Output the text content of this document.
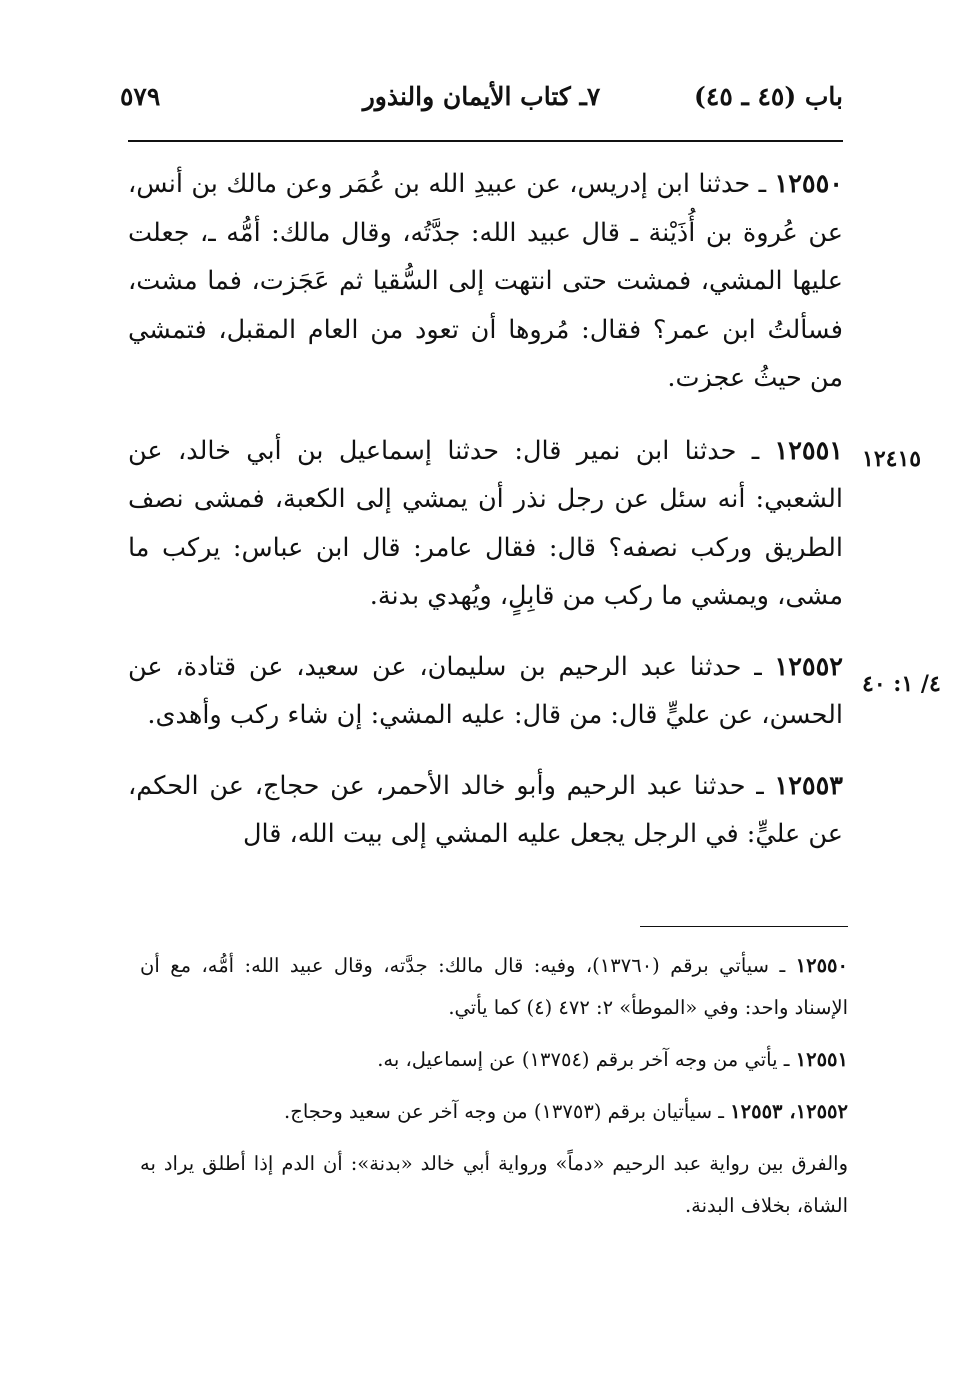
باب (٤٥ ـ ٤٥)
٧ـ كتاب الأيمان والنذور
٥٧٩
١٢٤١٥
٤/ ١: ٤٠

١٢٥٥٠ ـ حدثنا ابن إدريس، عن عبيدِ الله بن عُمَر وعن مالك بن أنس، عن عُروة بن أُذَيْنة ـ قال عبيد الله: جدَّتُه، وقال مالك: أمُّه ـ، جعلت عليها المشي، فمشت حتى انتهت إلى السُّقيا ثم عَجَزت، فما مشت، فسألتُ ابن عمر؟ فقال: مُروها أن تعود من العام المقبل، فتمشي من حيثُ عجزت.

١٢٥٥١ ـ حدثنا ابن نمير قال: حدثنا إسماعيل بن أبي خالد، عن الشعبي: أنه سئل عن رجل نذر أن يمشي إلى الكعبة، فمشى نصف الطريق وركب نصفه؟ قال: فقال عامر: قال ابن عباس: يركب ما مشى، ويمشي ما ركب من قابِلٍ، ويُهدي بدنة.

١٢٥٥٢ ـ حدثنا عبد الرحيم بن سليمان، عن سعيد، عن قتادة، عن الحسن، عن عليٍّ قال: من قال: عليه المشي: إن شاء ركب وأهدى.

١٢٥٥٣ ـ حدثنا عبد الرحيم وأبو خالد الأحمر، عن حجاج، عن الحكم، عن عليٍّ: في الرجل يجعل عليه المشي إلى بيت الله، قال

١٢٥٥٠ ـ سيأتي برقم (١٣٧٦٠)، وفيه: قال مالك: جدَّته، وقال عبيد الله: أمُّه، مع أن الإسناد واحد: وفي «الموطأ» ٢: ٤٧٢ (٤) كما يأتي.

١٢٥٥١ ـ يأتي من وجه آخر برقم (١٣٧٥٤) عن إسماعيل، به.

١٢٥٥٢، ١٢٥٥٣ ـ سيأتيان برقم (١٣٧٥٣) من وجه آخر عن سعيد وحجاج.

والفرق بين رواية عبد الرحيم «دماً» ورواية أبي خالد «بدنة»: أن الدم إذا أطلق يراد به الشاة، بخلاف البدنة.
